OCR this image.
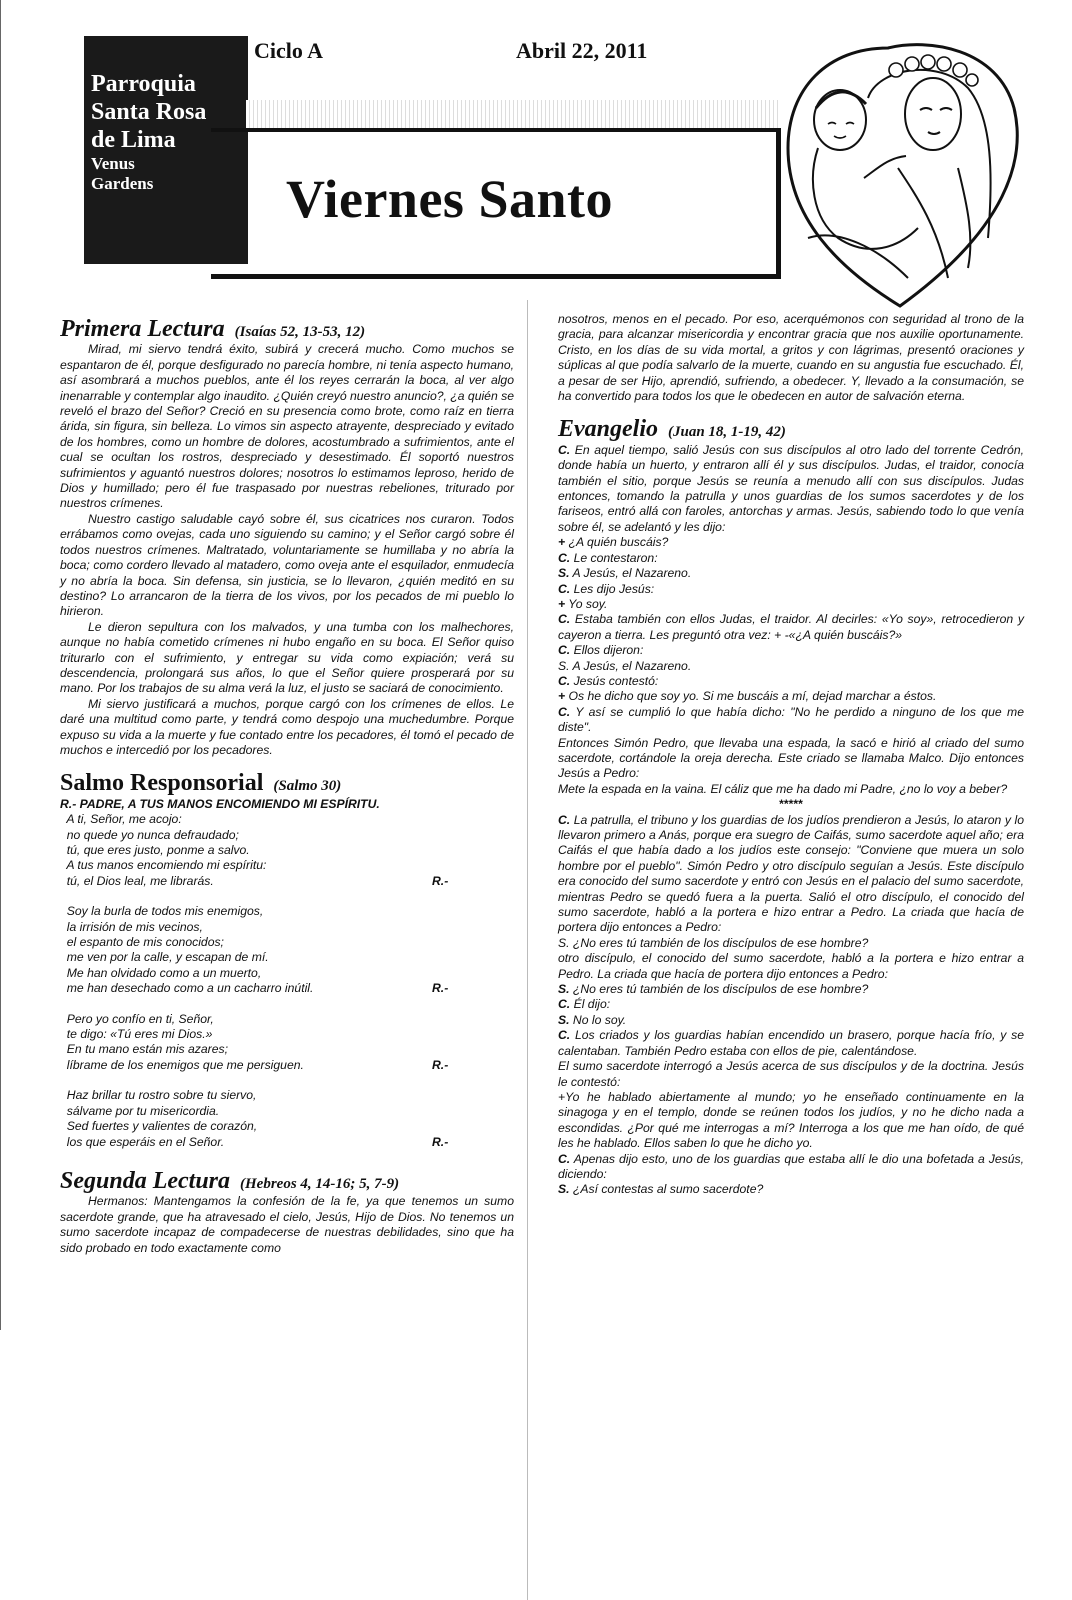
Parroquia
Santa Rosa
de Lima
Venus
Gardens
Ciclo A	Abril 22, 2011
Viernes Santo
Primera Lectura (Isaías 52, 13-53, 12)

Mirad, mi siervo tendrá éxito, subirá y crecerá mucho. Como muchos se espantaron de él, porque desfigurado no parecía hombre, ni tenía aspecto humano, así asombrará a muchos pueblos, ante él los reyes cerrarán la boca, al ver algo inenarrable y contemplar algo inaudito. ¿Quién creyó nuestro anuncio?, ¿a quién se reveló el brazo del Señor? Creció en su presencia como brote, como raíz en tierra árida, sin figura, sin belleza. Lo vimos sin aspecto atrayente, despreciado y evitado de los hombres, como un hombre de dolores, acostumbrado a sufrimientos, ante el cual se ocultan los rostros, despreciado y desestimado. Él soportó nuestros sufrimientos y aguantó nuestros dolores; nosotros lo estimamos leproso, herido de Dios y humillado; pero él fue traspasado por nuestras rebeliones, triturado por nuestros crímenes.

Nuestro castigo saludable cayó sobre él, sus cicatrices nos curaron. Todos errábamos como ovejas, cada uno siguiendo su camino; y el Señor cargó sobre él todos nuestros crímenes. Maltratado, voluntariamente se humillaba y no abría la boca; como cordero llevado al matadero, como oveja ante el esquilador, enmudecía y no abría la boca. Sin defensa, sin justicia, se lo llevaron, ¿quién meditó en su destino? Lo arrancaron de la tierra de los vivos, por los pecados de mi pueblo lo hirieron.

Le dieron sepultura con los malvados, y una tumba con los malhechores, aunque no había cometido crímenes ni hubo engaño en su boca. El Señor quiso triturarlo con el sufrimiento, y entregar su vida como expiación; verá su descendencia, prolongará sus años, lo que el Señor quiere prosperará por su mano. Por los trabajos de su alma verá la luz, el justo se saciará de conocimiento.

Mi siervo justificará a muchos, porque cargó con los crímenes de ellos. Le daré una multitud como parte, y tendrá como despojo una muchedumbre. Porque expuso su vida a la muerte y fue contado entre los pecadores, él tomó el pecado de muchos e intercedió por los pecadores.

Salmo Responsorial (Salmo 30)

R.- PADRE, A TUS MANOS ENCOMIENDO MI ESPÍRITU.

A ti, Señor, me acojo:
no quede yo nunca defraudado;
tú, que eres justo, ponme a salvo.
A tus manos encomiendo mi espíritu:
tú, el Dios leal, me librarás.	R.-

Soy la burla de todos mis enemigos,
la irrisión de mis vecinos,
el espanto de mis conocidos;
me ven por la calle, y escapan de mí.
Me han olvidado como a un muerto,
me han desechado como a un cacharro inútil.	R.-

Pero yo confío en ti, Señor,
te digo: «Tú eres mi Dios.»
En tu mano están mis azares;
líbrame de los enemigos que me persiguen.	R.-

Haz brillar tu rostro sobre tu siervo,
sálvame por tu misericordia.
Sed fuertes y valientes de corazón,
los que esperáis en el Señor.	R.-
Segunda Lectura (Hebreos 4, 14-16; 5, 7-9)

Hermanos: Mantengamos la confesión de la fe, ya que tenemos un sumo sacerdote grande, que ha atravesado el cielo, Jesús, Hijo de Dios. No tenemos un sumo sacerdote incapaz de compadecerse de nuestras debilidades, sino que ha sido probado en todo exactamente como

nosotros, menos en el pecado. Por eso, acerquémonos con seguridad al trono de la gracia, para alcanzar misericordia y encontrar gracia que nos auxilie oportunamente. Cristo, en los días de su vida mortal, a gritos y con lágrimas, presentó oraciones y súplicas al que podía salvarlo de la muerte, cuando en su angustia fue escuchado. Él, a pesar de ser Hijo, aprendió, sufriendo, a obedecer. Y, llevado a la consumación, se ha convertido para todos los que le obedecen en autor de salvación eterna.

Evangelio (Juan 18, 1-19, 42)

C. En aquel tiempo, salió Jesús con sus discípulos al otro lado del torrente Cedrón, donde había un huerto, y entraron allí él y sus discípulos. Judas, el traidor, conocía también el sitio, porque Jesús se reunía a menudo allí con sus discípulos. Judas entonces, tomando la patrulla y unos guardias de los sumos sacerdotes y de los fariseos, entró allá con faroles, antorchas y armas. Jesús, sabiendo todo lo que venía sobre él, se adelantó y les dijo:

+ ¿A quién buscáis?

C. Le contestaron:

S. A Jesús, el Nazareno.

C. Les dijo Jesús:

+ Yo soy.

C. Estaba también con ellos Judas, el traidor. Al decirles: «Yo soy», retrocedieron y cayeron a tierra. Les preguntó otra vez: + -«¿A quién buscáis?»

C. Ellos dijeron:

S. A Jesús, el Nazareno.

C. Jesús contestó:

+ Os he dicho que soy yo. Si me buscáis a mí, dejad marchar a éstos.

C. Y así se cumplió lo que había dicho: "No he perdido a ninguno de los que me diste".

Entonces Simón Pedro, que llevaba una espada, la sacó e hirió al criado del sumo sacerdote, cortándole la oreja derecha. Este criado se llamaba Malco. Dijo entonces Jesús a Pedro:

Mete la espada en la vaina. El cáliz que me ha dado mi Padre, ¿no lo voy a beber?

*****

C. La patrulla, el tribuno y los guardias de los judíos prendieron a Jesús, lo ataron y lo llevaron primero a Anás, porque era suegro de Caifás, sumo sacerdote aquel año; era Caifás el que había dado a los judíos este consejo: "Conviene que muera un solo hombre por el pueblo". Simón Pedro y otro discípulo seguían a Jesús. Este discípulo era conocido del sumo sacerdote y entró con Jesús en el palacio del sumo sacerdote, mientras Pedro se quedó fuera a la puerta. Salió el otro discípulo, el conocido del sumo sacerdote, habló a la portera e hizo entrar a Pedro. La criada que hacía de portera dijo entonces a Pedro:

S. ¿No eres tú también de los discípulos de ese hombre?

otro discípulo, el conocido del sumo sacerdote, habló a la portera e hizo entrar a Pedro. La criada que hacía de portera dijo entonces a Pedro:

S. ¿No eres tú también de los discípulos de ese hombre?

C. Él dijo:

S. No lo soy.

C. Los criados y los guardias habían encendido un brasero, porque hacía frío, y se calentaban. También Pedro estaba con ellos de pie, calentándose.

El sumo sacerdote interrogó a Jesús acerca de sus discípulos y de la doctrina. Jesús le contestó:

+Yo he hablado abiertamente al mundo; yo he enseñado continuamente en la sinagoga y en el templo, donde se reúnen todos los judíos, y no he dicho nada a escondidas. ¿Por qué me interrogas a mí? Interroga a los que me han oído, de qué les he hablado. Ellos saben lo que he dicho yo.

C. Apenas dijo esto, uno de los guardias que estaba allí le dio una bofetada a Jesús, diciendo:

S. ¿Así contestas al sumo sacerdote?
